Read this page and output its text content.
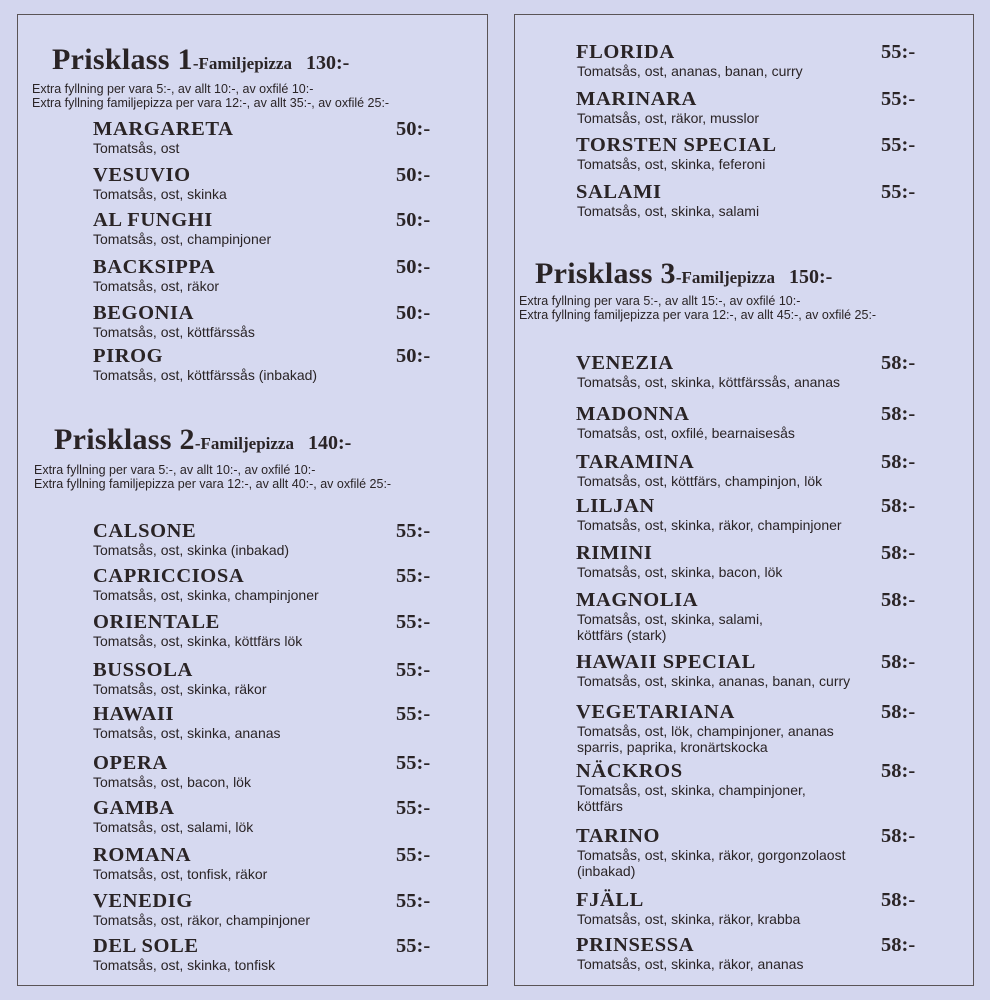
Prisklass 1-Familjepizza 130:-
Extra fyllning per vara 5:-, av allt 10:-, av oxfilé 10:-
Extra fyllning familjepizza per vara 12:-, av allt 35:-, av oxfilé 25:-
Prisklass 2-Familjepizza 140:-
Extra fyllning per vara 5:-, av allt 10:-, av oxfilé 10:-
Extra fyllning familjepizza per vara 12:-, av allt 40:-, av oxfilé 25:-
Prisklass 3-Familjepizza 150:-
Extra fyllning per vara 5:-, av allt 15:-, av oxfilé 10:-
Extra fyllning familjepizza per vara 12:-, av allt 45:-, av oxfilé 25:-
MARGARETA	50:-
Tomatsås, ost
VESUVIO	50:-
Tomatsås, ost, skinka
AL FUNGHI	50:-
Tomatsås, ost, champinjoner
BACKSIPPA	50:-
Tomatsås, ost, räkor
BEGONIA	50:-
Tomatsås, ost, köttfärssås
PIROG	50:-
Tomatsås, ost, köttfärssås (inbakad)
CALSONE	55:-
Tomatsås, ost, skinka (inbakad)
CAPRICCIOSA	55:-
Tomatsås, ost, skinka, champinjoner
ORIENTALE	55:-
Tomatsås, ost, skinka, köttfärs lök
BUSSOLA	55:-
Tomatsås, ost, skinka, räkor
HAWAII	55:-
Tomatsås, ost, skinka, ananas
OPERA	55:-
Tomatsås, ost, bacon, lök
GAMBA	55:-
Tomatsås, ost, salami, lök
ROMANA	55:-
Tomatsås, ost, tonfisk, räkor
VENEDIG	55:-
Tomatsås, ost, räkor, champinjoner
DEL SOLE	55:-
Tomatsås, ost, skinka, tonfisk
FLORIDA	55:-
Tomatsås, ost, ananas, banan, curry
MARINARA	55:-
Tomatsås, ost, räkor, musslor
TORSTEN SPECIAL	55:-
Tomatsås, ost, skinka, feferoni
SALAMI	55:-
Tomatsås, ost, skinka, salami
VENEZIA	58:-
Tomatsås, ost, skinka, köttfärssås, ananas
MADONNA	58:-
Tomatsås, ost, oxfilé, bearnaisesås
TARAMINA	58:-
Tomatsås, ost, köttfärs, champinjon, lök
LILJAN	58:-
Tomatsås, ost, skinka, räkor, champinjoner
RIMINI	58:-
Tomatsås, ost, skinka, bacon, lök
MAGNOLIA	58:-
Tomatsås, ost, skinka, salami,
köttfärs (stark)
HAWAII SPECIAL	58:-
Tomatsås, ost, skinka, ananas, banan, curry
VEGETARIANA	58:-
Tomatsås, ost, lök, champinjoner, ananas
sparris, paprika, kronärtskocka
NÄCKROS	58:-
Tomatsås, ost, skinka, champinjoner,
köttfärs
TARINO	58:-
Tomatsås, ost, skinka, räkor, gorgonzolaost
(inbakad)
FJÄLL	58:-
Tomatsås, ost, skinka, räkor, krabba
PRINSESSA	58:-
Tomatsås, ost, skinka, räkor, ananas
